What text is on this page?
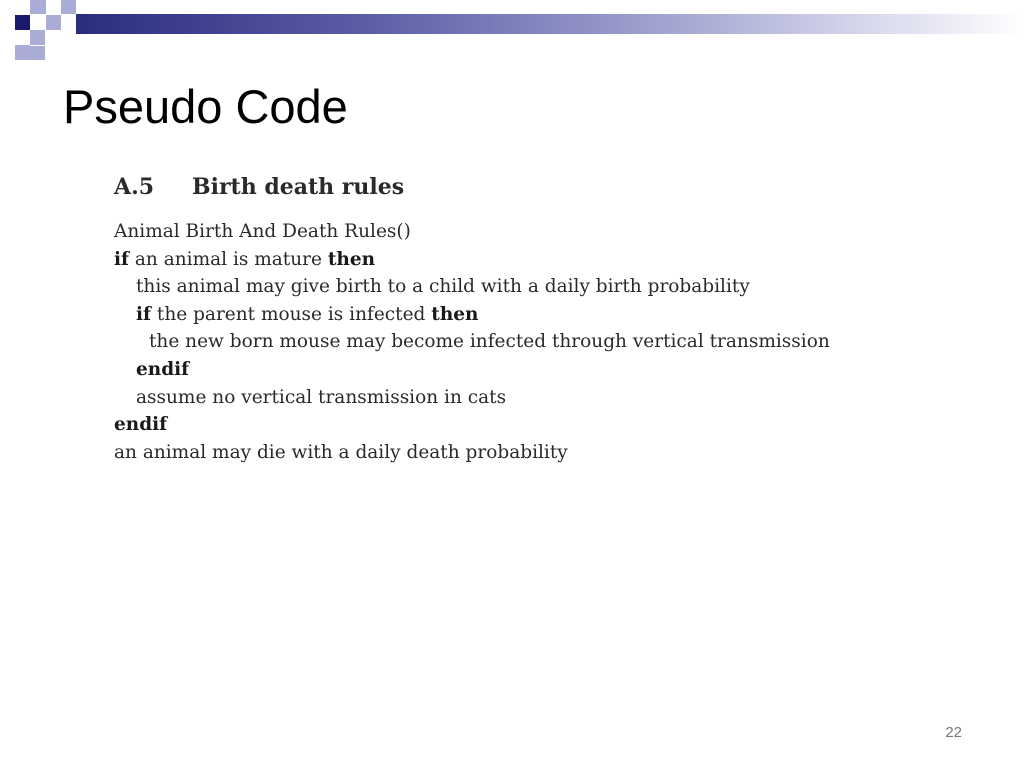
Pseudo Code
A.5 Birth death rules
Animal Birth And Death Rules()
if an animal is mature then
this animal may give birth to a child with a daily birth probability
if the parent mouse is infected then
the new born mouse may become infected through vertical transmission
endif
assume no vertical transmission in cats
endif
an animal may die with a daily death probability
22
